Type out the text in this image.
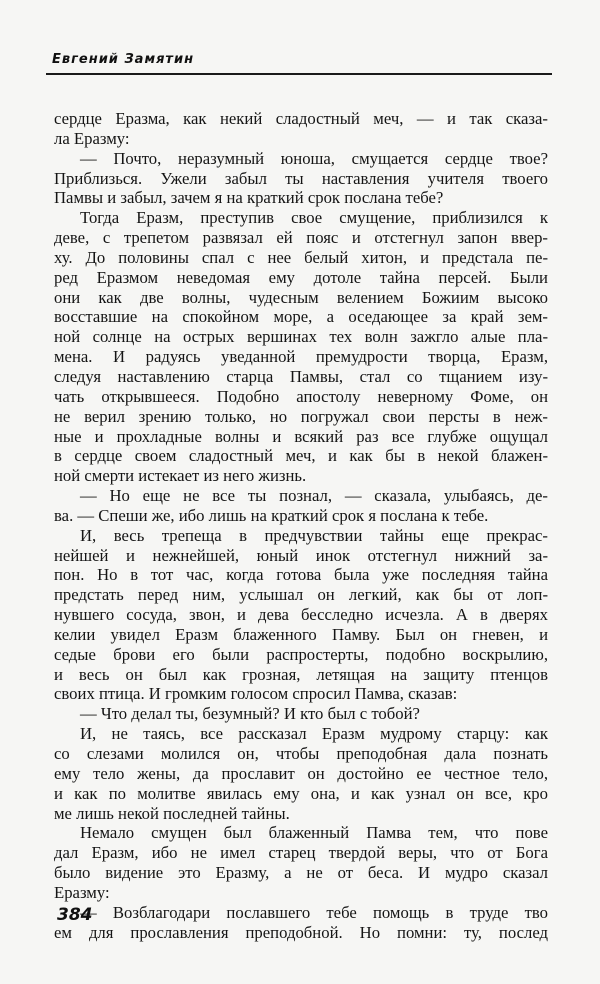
Евгений Замятин
сердце Еразма, как некий сладостный меч, — и так сказа-
ла Еразму:
— Почто, неразумный юноша, смущается сердце твое?
Приблизься. Ужели забыл ты наставления учителя твоего
Памвы и забыл, зачем я на краткий срок послана тебе?
Тогда Еразм, преступив свое смущение, приблизился к
деве, с трепетом развязал ей пояс и отстегнул запон ввер-
ху. До половины спал с нее белый хитон, и предстала пе-
ред Еразмом неведомая ему дотоле тайна персей. Были
они как две волны, чудесным велением Божиим высоко
восставшие на спокойном море, а оседающее за край зем-
ной солнце на острых вершинах тех волн зажгло алые пла-
мена. И радуясь уведанной премудрости творца, Еразм,
следуя наставлению старца Памвы, стал со тщанием изу-
чать открывшееся. Подобно апостолу неверному Фоме, он
не верил зрению только, но погружал свои персты в неж-
ные и прохладные волны и всякий раз все глубже ощущал
в сердце своем сладостный меч, и как бы в некой блажен-
ной смерти истекает из него жизнь.
— Но еще не все ты познал, — сказала, улыбаясь, де-
ва. — Спеши же, ибо лишь на краткий срок я послана к тебе.
И, весь трепеща в предчувствии тайны еще прекрас-
нейшей и нежнейшей, юный инок отстегнул нижний за-
пон. Но в тот час, когда готова была уже последняя тайна
предстать перед ним, услышал он легкий, как бы от лоп-
нувшего сосуда, звон, и дева бесследно исчезла. А в дверях
келии увидел Еразм блаженного Памву. Был он гневен, и
седые брови его были распростерты, подобно воскрылию,
и весь он был как грозная, летящая на защиту птенцов
своих птица. И громким голосом спросил Памва, сказав:
— Что делал ты, безумный? И кто был с тобой?
И, не таясь, все рассказал Еразм мудрому старцу: как
со слезами молился он, чтобы преподобная дала познать
ему тело жены, да прославит он достойно ее честное тело,
и как по молитве явилась ему она, и как узнал он все, кро
ме лишь некой последней тайны.
Немало смущен был блаженный Памва тем, что пове
дал Еразм, ибо не имел старец твердой веры, что от Бога
было видение это Еразму, а не от беса. И мудро сказал
Еразму:
— Возблагодари пославшего тебе помощь в труде тво
ем для прославления преподобной. Но помни: ту, послед
384
